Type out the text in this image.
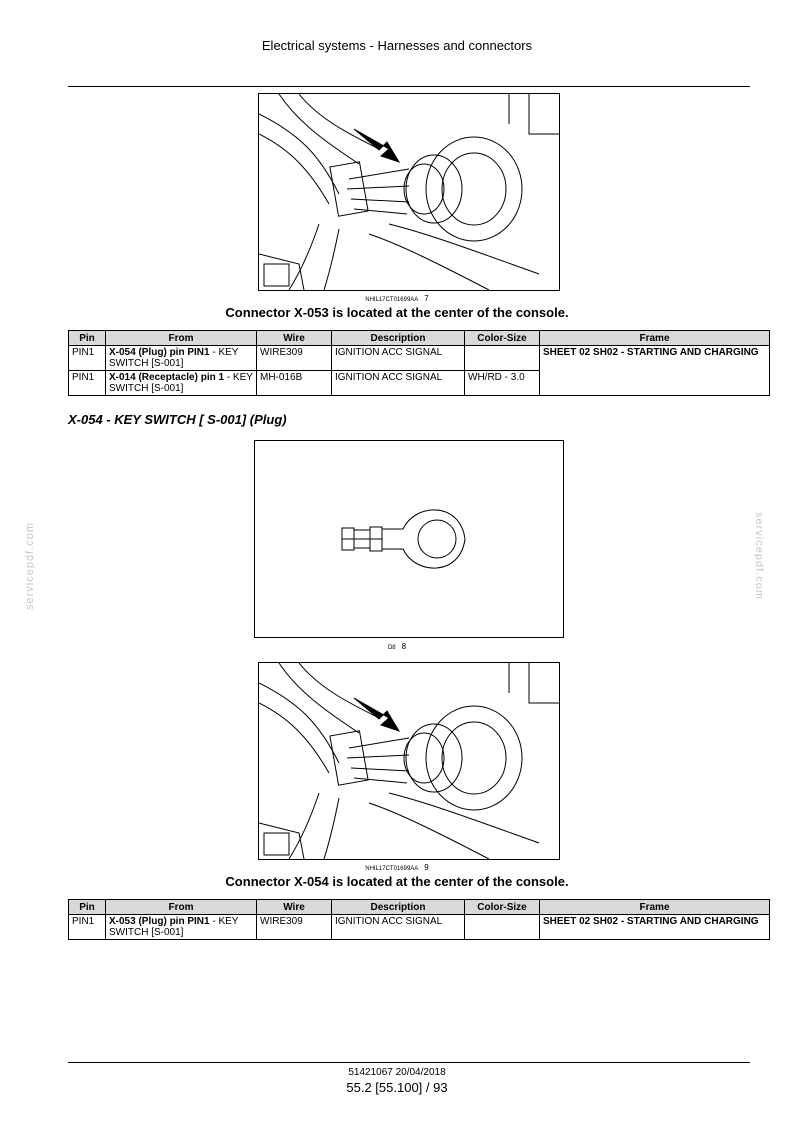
Electrical systems - Harnesses and connectors
NHIL17CT01699AA 7
Connector X-053 is located at the center of the console.
Pin	From	Wire	Description	Color-Size	Frame
PIN1	X-054 (Plug) pin PIN1 - KEY SWITCH [S-001]	WIRE309	IGNITION ACC SIGNAL		SHEET 02 SH02 - STARTING AND CHARGING
PIN1	X-014 (Receptacle) pin 1 - KEY SWITCH [S-001]	MH-016B	IGNITION ACC SIGNAL	WH/RD - 3.0	
X-054 - KEY SWITCH [ S-001] (Plug)
D8 8
NHIL17CT01699AA 9
Connector X-054 is located at the center of the console.
Pin	From	Wire	Description	Color-Size	Frame
PIN1	X-053 (Plug) pin PIN1 - KEY SWITCH [S-001]	WIRE309	IGNITION ACC SIGNAL		SHEET 02 SH02 - STARTING AND CHARGING
servicepdf.com	servicepdf.com
51421067 20/04/2018
55.2 [55.100] / 93
